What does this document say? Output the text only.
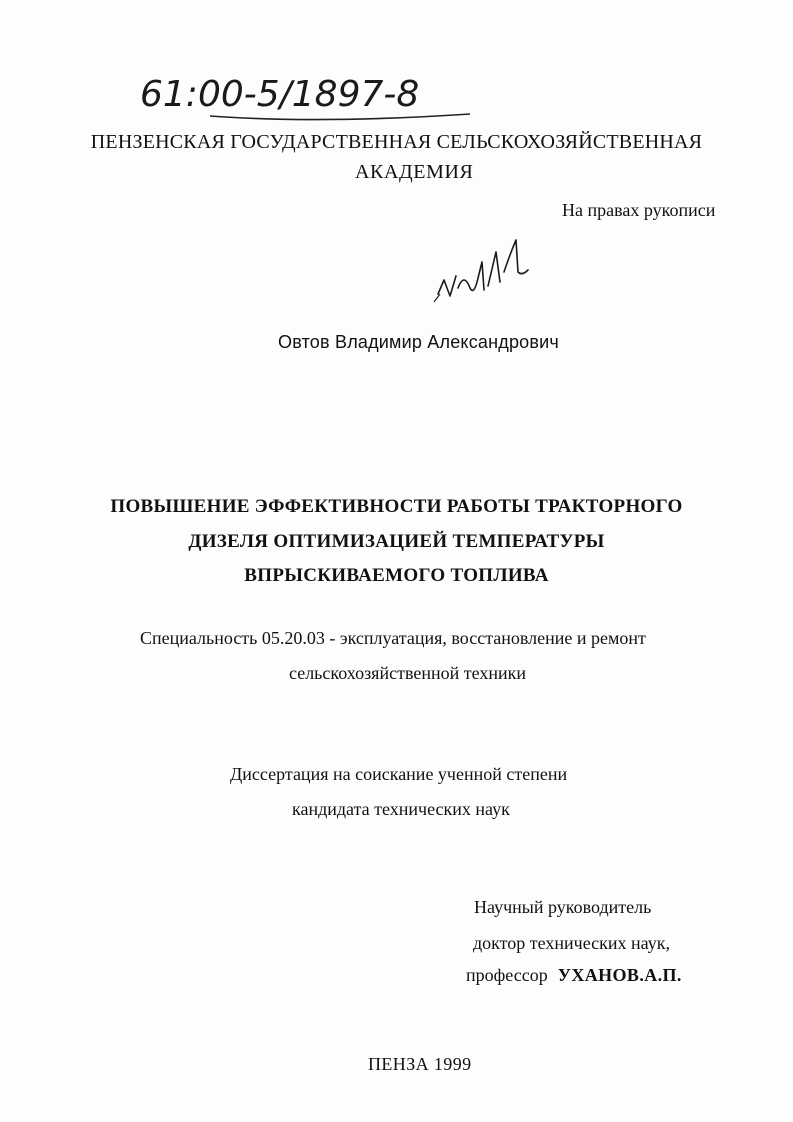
61:00-5/1897-8
ПЕНЗЕНСКАЯ ГОСУДАРСТВЕННАЯ СЕЛЬСКОХОЗЯЙСТВЕННАЯ
АКАДЕМИЯ
На правах рукописи
Овтов Владимир Александрович
ПОВЫШЕНИЕ ЭФФЕКТИВНОСТИ РАБОТЫ ТРАКТОРНОГО
ДИЗЕЛЯ ОПТИМИЗАЦИЕЙ ТЕМПЕРАТУРЫ
ВПРЫСКИВАЕМОГО ТОПЛИВА
Специальность 05.20.03 - эксплуатация, восстановление и ремонт
сельскохозяйственной техники
Диссертация на соискание ученной степени
кандидата технических наук
Научный руководитель
доктор технических наук,
профессор УХАНОВ.А.П.
ПЕНЗА 1999
